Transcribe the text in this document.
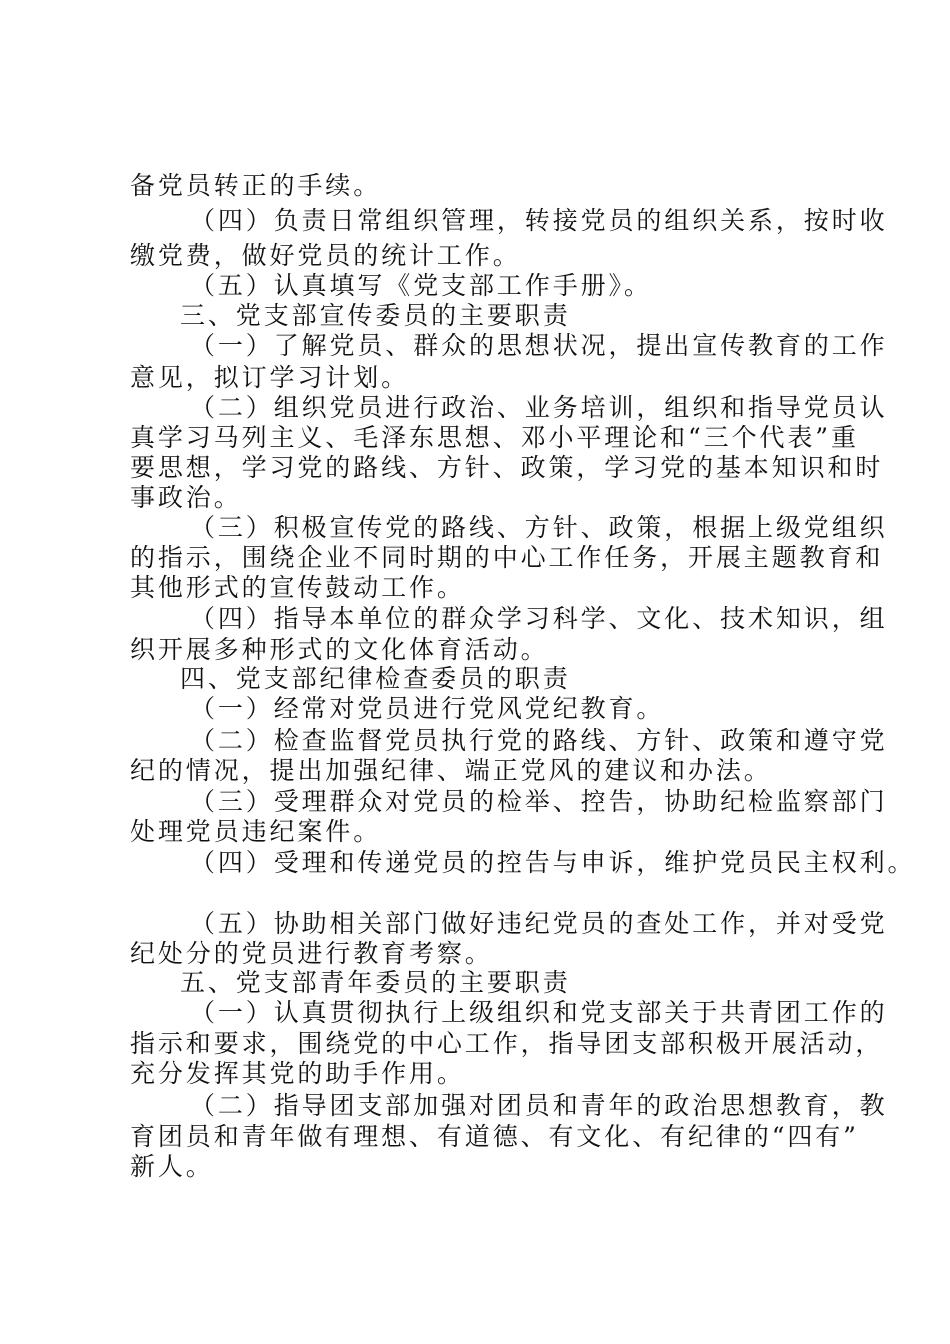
备党员转正的手续。
（四）负责日常组织管理，转接党员的组织关系，按时收
缴党费，做好党员的统计工作。
（五）认真填写《党支部工作手册》。
三、党支部宣传委员的主要职责
（一）了解党员、群众的思想状况，提出宣传教育的工作
意见，拟订学习计划。
（二）组织党员进行政治、业务培训，组织和指导党员认
真学习马列主义、毛泽东思想、邓小平理论和“三个代表”重
要思想，学习党的路线、方针、政策，学习党的基本知识和时
事政治。
（三）积极宣传党的路线、方针、政策，根据上级党组织
的指示，围绕企业不同时期的中心工作任务，开展主题教育和
其他形式的宣传鼓动工作。
（四）指导本单位的群众学习科学、文化、技术知识，组
织开展多种形式的文化体育活动。
四、党支部纪律检查委员的职责
（一）经常对党员进行党风党纪教育。
（二）检查监督党员执行党的路线、方针、政策和遵守党
纪的情况，提出加强纪律、端正党风的建议和办法。
（三）受理群众对党员的检举、控告，协助纪检监察部门
处理党员违纪案件。
（四）受理和传递党员的控告与申诉，维护党员民主权利。
（五）协助相关部门做好违纪党员的查处工作，并对受党
纪处分的党员进行教育考察。
五、党支部青年委员的主要职责
（一）认真贯彻执行上级组织和党支部关于共青团工作的
指示和要求，围绕党的中心工作，指导团支部积极开展活动，
充分发挥其党的助手作用。
（二）指导团支部加强对团员和青年的政治思想教育，教
育团员和青年做有理想、有道德、有文化、有纪律的“四有”
新人。
